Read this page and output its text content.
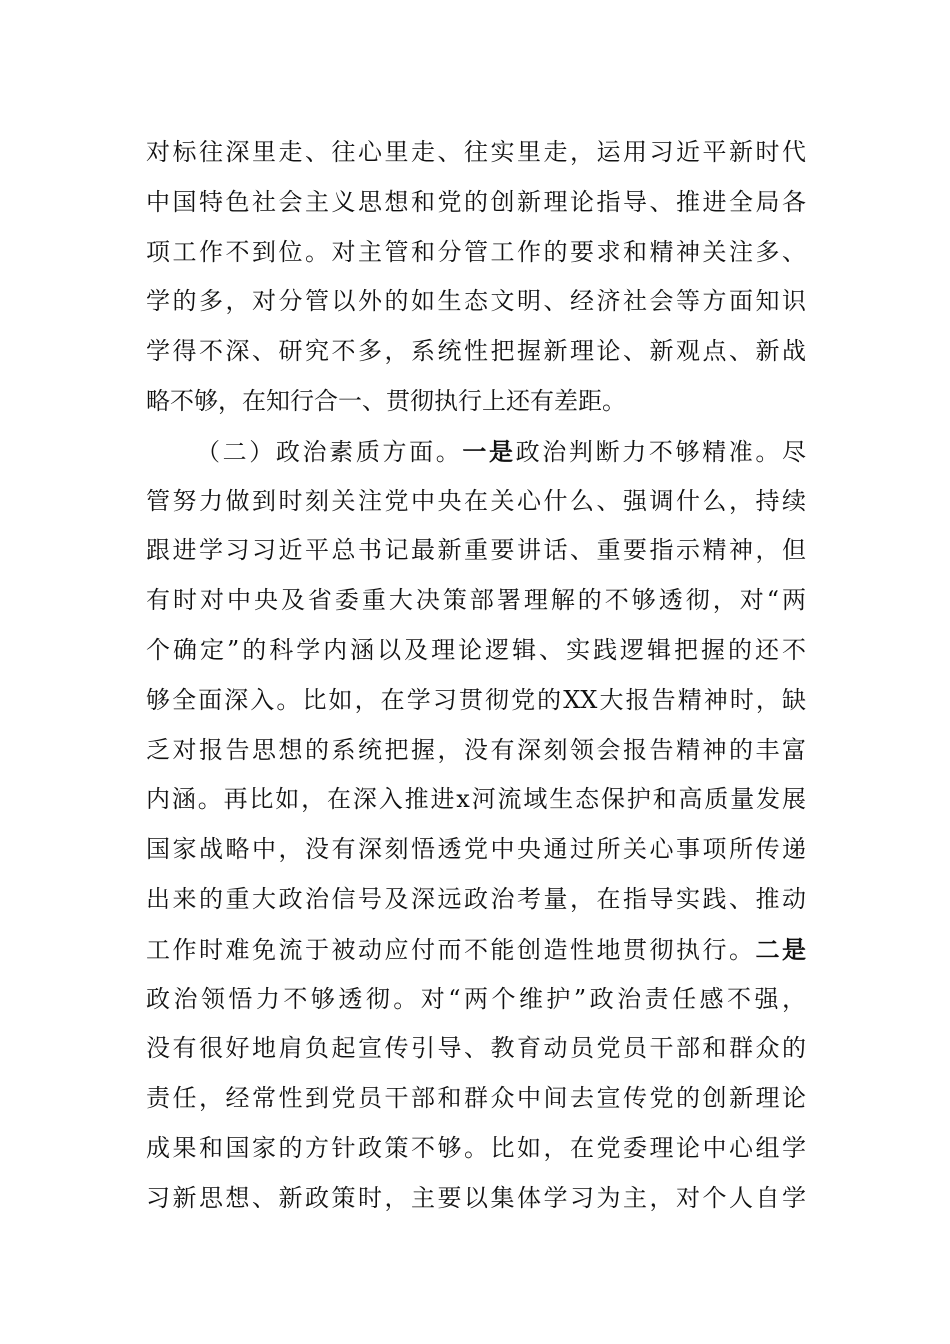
对标往深里走、往心里走、往实里走，运用习近平新时代
中国特色社会主义思想和党的创新理论指导、推进全局各
项工作不到位。对主管和分管工作的要求和精神关注多、
学的多，对分管以外的如生态文明、经济社会等方面知识
学得不深、研究不多，系统性把握新理论、新观点、新战
略不够，在知行合一、贯彻执行上还有差距。
（二）政治素质方面。一是政治判断力不够精准。尽
管努力做到时刻关注党中央在关心什么、强调什么，持续
跟进学习习近平总书记最新重要讲话、重要指示精神，但
有时对中央及省委重大决策部署理解的不够透彻，对“两
个确定”的科学内涵以及理论逻辑、实践逻辑把握的还不
够全面深入。比如，在学习贯彻党的XX大报告精神时，缺
乏对报告思想的系统把握，没有深刻领会报告精神的丰富
内涵。再比如，在深入推进x河流域生态保护和高质量发展
国家战略中，没有深刻悟透党中央通过所关心事项所传递
出来的重大政治信号及深远政治考量，在指导实践、推动
工作时难免流于被动应付而不能创造性地贯彻执行。二是
政治领悟力不够透彻。对“两个维护”政治责任感不强，
没有很好地肩负起宣传引导、教育动员党员干部和群众的
责任，经常性到党员干部和群众中间去宣传党的创新理论
成果和国家的方针政策不够。比如，在党委理论中心组学
习新思想、新政策时，主要以集体学习为主，对个人自学
